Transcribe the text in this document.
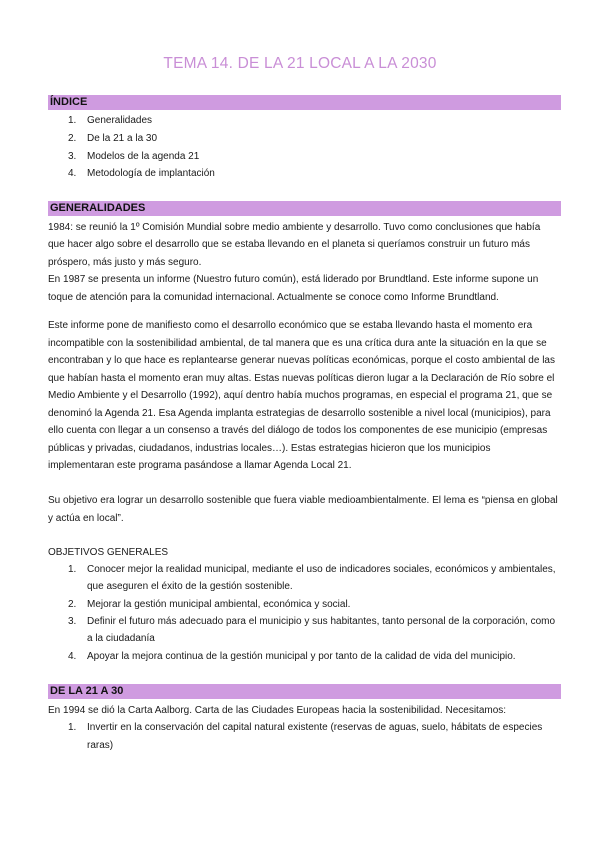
TEMA 14. DE LA 21 LOCAL A LA 2030
ÍNDICE
1.	Generalidades
2.	De la 21 a la 30
3.	Modelos de la agenda 21
4.	Metodología de implantación
GENERALIDADES
1984: se reunió la 1º Comisión Mundial sobre medio ambiente y desarrollo. Tuvo como conclusiones que había
que hacer algo sobre el desarrollo que se estaba llevando en el planeta si queríamos construir un futuro más
próspero, más justo y más seguro.
En 1987 se presenta un informe (Nuestro futuro común), está liderado por Brundtland. Este informe supone un
toque de atención para la comunidad internacional. Actualmente se conoce como Informe Brundtland.
Este informe pone de manifiesto como el desarrollo económico que se estaba llevando hasta el momento era
incompatible con la sostenibilidad ambiental, de tal manera que es una crítica dura ante la situación en la que se
encontraban y lo que hace es replantearse generar nuevas políticas económicas, porque el costo ambiental de las
que habían hasta el momento eran muy altas. Estas nuevas políticas dieron lugar a la Declaración de Río sobre el
Medio Ambiente y el Desarrollo (1992), aquí dentro había muchos programas, en especial el programa 21, que se
denominó la Agenda 21. Esa Agenda implanta estrategias de desarrollo sostenible a nivel local (municipios), para
ello cuenta con llegar a un consenso a través del diálogo de todos los componentes de ese municipio (empresas
públicas y privadas, ciudadanos, industrias locales…). Estas estrategias hicieron que los municipios
implementaran este programa pasándose a llamar Agenda Local 21.
Su objetivo era lograr un desarrollo sostenible que fuera viable medioambientalmente. El lema es “piensa en global
y actúa en local”.
OBJETIVOS GENERALES
1.	Conocer mejor la realidad municipal, mediante el uso de indicadores sociales, económicos y ambientales,
que aseguren el éxito de la gestión sostenible.
2.	Mejorar la gestión municipal ambiental, económica y social.
3.	Definir el futuro más adecuado para el municipio y sus habitantes, tanto personal de la corporación, como
a la ciudadanía
4.	Apoyar la mejora continua de la gestión municipal y por tanto de la calidad de vida del municipio.
DE LA 21 A 30
En 1994 se dió la Carta Aalborg. Carta de las Ciudades Europeas hacia la sostenibilidad. Necesitamos:
1.	Invertir en la conservación del capital natural existente (reservas de aguas, suelo, hábitats de especies
raras)
